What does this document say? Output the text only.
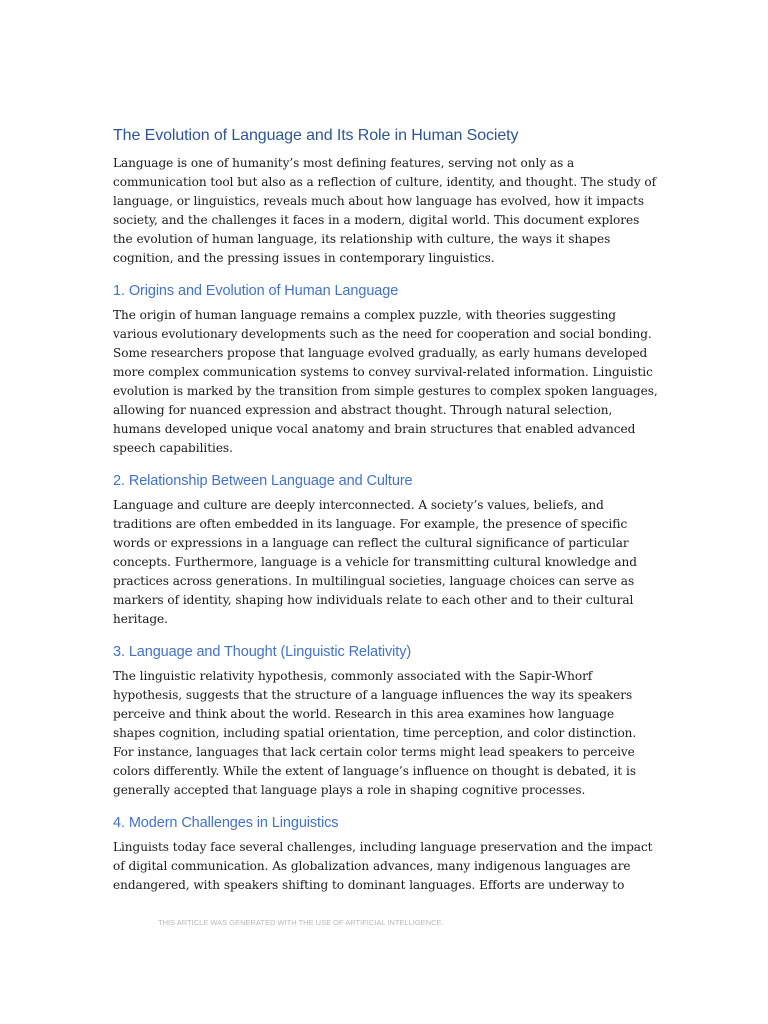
The Evolution of Language and Its Role in Human Society

Language is one of humanity’s most defining features, serving not only as a communication tool but also as a reflection of culture, identity, and thought. The study of language, or linguistics, reveals much about how language has evolved, how it impacts society, and the challenges it faces in a modern, digital world. This document explores the evolution of human language, its relationship with culture, the ways it shapes cognition, and the pressing issues in contemporary linguistics.

1. Origins and Evolution of Human Language

The origin of human language remains a complex puzzle, with theories suggesting various evolutionary developments such as the need for cooperation and social bonding. Some researchers propose that language evolved gradually, as early humans developed more complex communication systems to convey survival-related information. Linguistic evolution is marked by the transition from simple gestures to complex spoken languages, allowing for nuanced expression and abstract thought. Through natural selection, humans developed unique vocal anatomy and brain structures that enabled advanced speech capabilities.

2. Relationship Between Language and Culture

Language and culture are deeply interconnected. A society’s values, beliefs, and traditions are often embedded in its language. For example, the presence of specific words or expressions in a language can reflect the cultural significance of particular concepts. Furthermore, language is a vehicle for transmitting cultural knowledge and practices across generations. In multilingual societies, language choices can serve as markers of identity, shaping how individuals relate to each other and to their cultural heritage.

3. Language and Thought (Linguistic Relativity)

The linguistic relativity hypothesis, commonly associated with the Sapir-Whorf hypothesis, suggests that the structure of a language influences the way its speakers perceive and think about the world. Research in this area examines how language shapes cognition, including spatial orientation, time perception, and color distinction. For instance, languages that lack certain color terms might lead speakers to perceive colors differently. While the extent of language’s influence on thought is debated, it is generally accepted that language plays a role in shaping cognitive processes.

4. Modern Challenges in Linguistics

Linguists today face several challenges, including language preservation and the impact of digital communication. As globalization advances, many indigenous languages are endangered, with speakers shifting to dominant languages. Efforts are underway to

THIS ARTICLE WAS GENERATED WITH THE USE OF ARTIFICIAL INTELLIGENCE.
